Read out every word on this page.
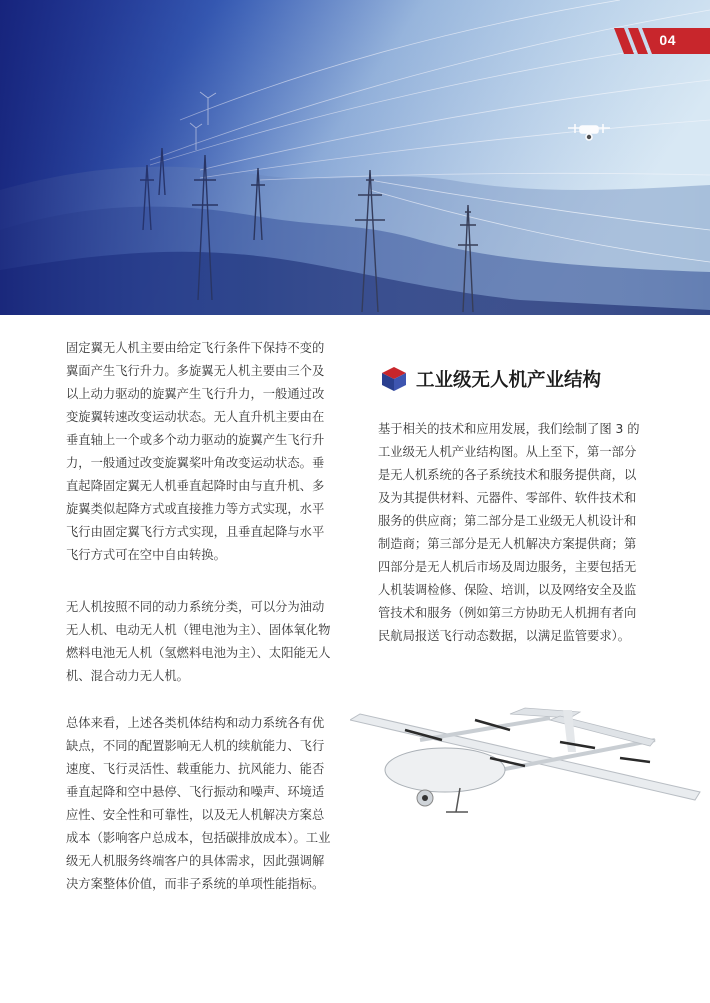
04

固定翼无人机主要由给定飞行条件下保持不变的翼面产生飞行升力。多旋翼无人机主要由三个及以上动力驱动的旋翼产生飞行升力，一般通过改变旋翼转速改变运动状态。无人直升机主要由在垂直轴上一个或多个动力驱动的旋翼产生飞行升力，一般通过改变旋翼桨叶角改变运动状态。垂直起降固定翼无人机垂直起降时由与直升机、多旋翼类似起降方式或直接推力等方式实现，水平飞行由固定翼飞行方式实现，且垂直起降与水平飞行方式可在空中自由转换。

无人机按照不同的动力系统分类，可以分为油动无人机、电动无人机（锂电池为主）、固体氧化物燃料电池无人机（氢燃料电池为主）、太阳能无人机、混合动力无人机。

总体来看，上述各类机体结构和动力系统各有优缺点，不同的配置影响无人机的续航能力、飞行速度、飞行灵活性、载重能力、抗风能力、能否垂直起降和空中悬停、飞行振动和噪声、环境适应性、安全性和可靠性，以及无人机解决方案总成本（影响客户总成本，包括碳排放成本）。工业级无人机服务终端客户的具体需求，因此强调解决方案整体价值，而非子系统的单项性能指标。

工业级无人机产业结构

基于相关的技术和应用发展，我们绘制了图 3 的工业级无人机产业结构图。从上至下，第一部分是无人机系统的各子系统技术和服务提供商，以及为其提供材料、元器件、零部件、软件技术和服务的供应商；第二部分是工业级无人机设计和制造商；第三部分是无人机解决方案提供商；第四部分是无人机后市场及周边服务，主要包括无人机装调检修、保险、培训，以及网络安全及监管技术和服务（例如第三方协助无人机拥有者向民航局报送飞行动态数据，以满足监管要求）。
